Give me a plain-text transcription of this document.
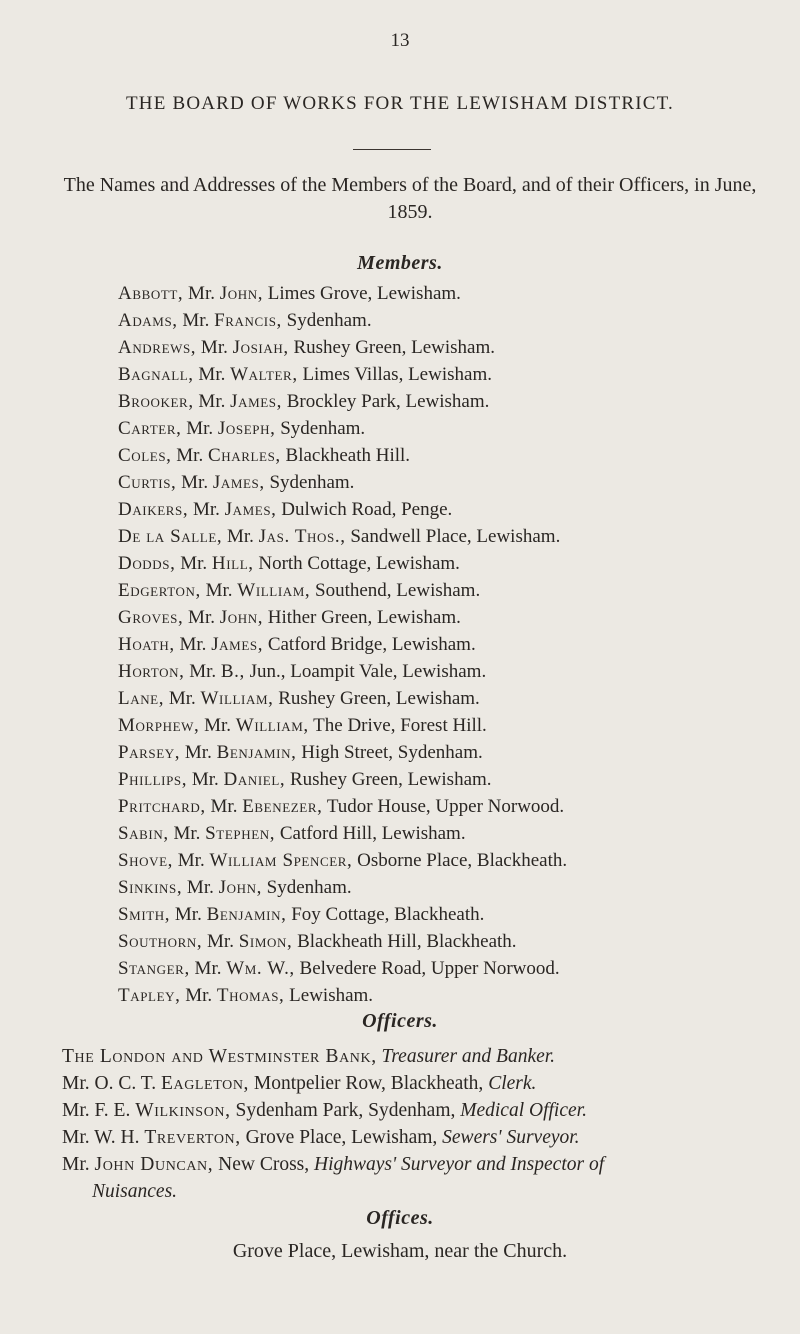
13
THE BOARD OF WORKS FOR THE LEWISHAM DISTRICT.
The Names and Addresses of the Members of the Board, and of their Officers, in June, 1859.
Members.
Abbott, Mr. John, Limes Grove, Lewisham.
Adams, Mr. Francis, Sydenham.
Andrews, Mr. Josiah, Rushey Green, Lewisham.
Bagnall, Mr. Walter, Limes Villas, Lewisham.
Brooker, Mr. James, Brockley Park, Lewisham.
Carter, Mr. Joseph, Sydenham.
Coles, Mr. Charles, Blackheath Hill.
Curtis, Mr. James, Sydenham.
Daikers, Mr. James, Dulwich Road, Penge.
De la Salle, Mr. Jas. Thos., Sandwell Place, Lewisham.
Dodds, Mr. Hill, North Cottage, Lewisham.
Edgerton, Mr. William, Southend, Lewisham.
Groves, Mr. John, Hither Green, Lewisham.
Hoath, Mr. James, Catford Bridge, Lewisham.
Horton, Mr. B., Jun., Loampit Vale, Lewisham.
Lane, Mr. William, Rushey Green, Lewisham.
Morphew, Mr. William, The Drive, Forest Hill.
Parsey, Mr. Benjamin, High Street, Sydenham.
Phillips, Mr. Daniel, Rushey Green, Lewisham.
Pritchard, Mr. Ebenezer, Tudor House, Upper Norwood.
Sabin, Mr. Stephen, Catford Hill, Lewisham.
Shove, Mr. William Spencer, Osborne Place, Blackheath.
Sinkins, Mr. John, Sydenham.
Smith, Mr. Benjamin, Foy Cottage, Blackheath.
Southorn, Mr. Simon, Blackheath Hill, Blackheath.
Stanger, Mr. Wm. W., Belvedere Road, Upper Norwood.
Tapley, Mr. Thomas, Lewisham.
Officers.
The London and Westminster Bank, Treasurer and Banker.
Mr. O. C. T. Eagleton, Montpelier Row, Blackheath, Clerk.
Mr. F. E. Wilkinson, Sydenham Park, Sydenham, Medical Officer.
Mr. W. H. Treverton, Grove Place, Lewisham, Sewers' Surveyor.
Mr. John Duncan, New Cross, Highways' Surveyor and Inspector of
Nuisances.
Offices.
Grove Place, Lewisham, near the Church.
